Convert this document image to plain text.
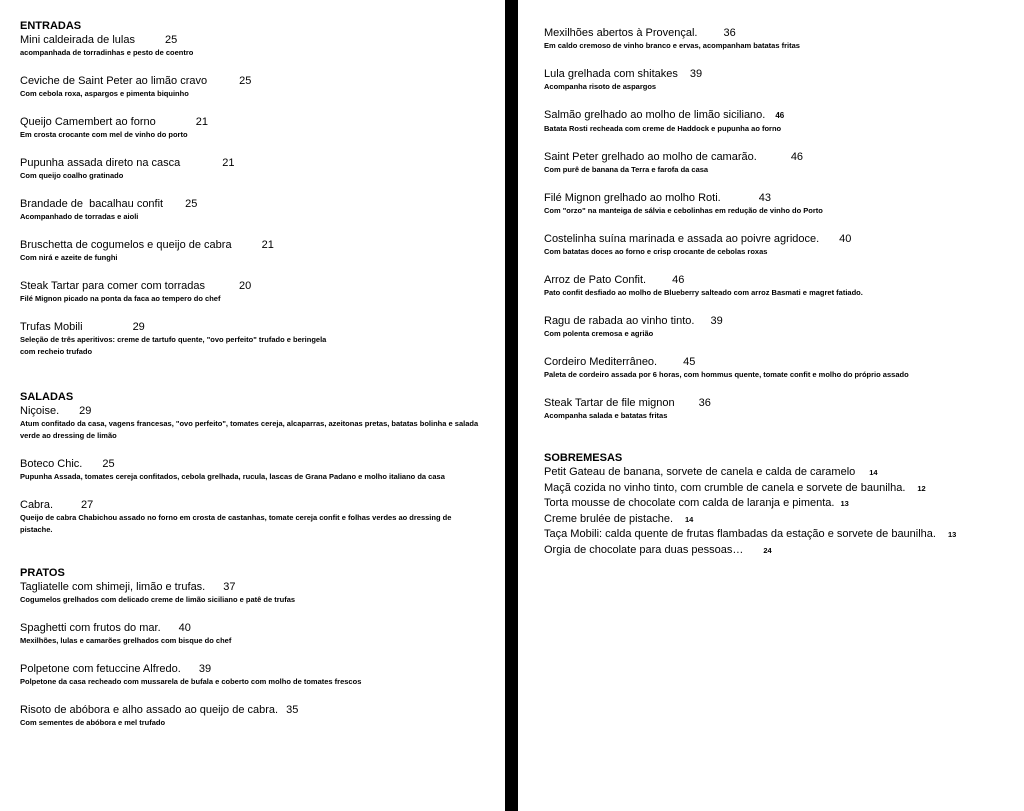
ENTRADAS
Mini caldeirada de lulas	25
acompanhada de torradinhas e pesto de coentro
Ceviche de Saint Peter ao limão cravo	25
Com cebola roxa, aspargos e pimenta biquinho
Queijo Camembert ao forno	21
Em crosta crocante com mel de vinho do porto
Pupunha assada direto na casca	21
Com queijo coalho gratinado
Brandade de  bacalhau confit 25
Acompanhado de torradas e aioli
Bruschetta de cogumelos e queijo de cabra	21
Com nirá e azeite de funghi
Steak Tartar para comer com torradas	20
Filé Mignon picado na ponta da faca ao tempero do chef
Trufas Mobili	29
Seleção de três aperitivos: creme de tartufo quente, "ovo perfeito" trufado e beringela com recheio trufado
SALADAS
Niçoise. 29
Atum confitado da casa, vagens francesas, "ovo perfeito", tomates cereja, alcaparras, azeitonas pretas, batatas bolinha e salada verde ao dressing de limão
Boteco Chic. 25
Pupunha Assada, tomates cereja confitados, cebola grelhada, rucula, lascas de Grana Padano e molho italiano da casa
Cabra.	27
Queijo de cabra Chabichou assado no forno em crosta de castanhas, tomate cereja confit e folhas verdes ao dressing de pistache.
PRATOS
Tagliatelle com shimeji, limão e trufas. 37
Cogumelos grelhados com delicado creme de limão siciliano e patê de trufas
Spaghetti com frutos do mar. 40
Mexilhões, lulas e camarões grelhados com bisque do chef
Polpetone com fetuccine Alfredo. 39
Polpetone da casa recheado com mussarela de bufala e coberto com molho de tomates frescos
Risoto de abóbora e alho assado ao queijo de cabra. 35
Com sementes de abóbora e mel trufado
Mexilhões abertos à Provençal. 36
Em caldo cremoso de vinho branco e ervas, acompanham batatas fritas
Lula grelhada com shitakes 39
Acompanha risoto de aspargos
Salmão grelhado ao molho de limão siciliano. 46
Batata Rosti recheada com creme de Haddock e pupunha ao forno
Saint Peter grelhado ao molho de camarão.	46
Com purê de banana da Terra e farofa da casa
Filé Mignon grelhado ao molho Roti.	43
Com "orzo" na manteiga de sálvia e cebolinhas em redução de vinho do Porto
Costelinha suína marinada e assada ao poivre agridoce. 40
Com batatas doces ao forno e crisp crocante de cebolas roxas
Arroz de Pato Confit. 46
Pato confit desfiado ao molho de Blueberry salteado com arroz Basmati e magret fatiado.
Ragu de rabada ao vinho tinto. 39
Com polenta cremosa e agrião
Cordeiro Mediterrâneo. 45
Paleta de cordeiro assada por 6 horas, com hommus quente, tomate confit e molho do próprio assado
Steak Tartar de file mignon 36
Acompanha salada e batatas fritas
SOBREMESAS
Petit Gateau de banana, sorvete de canela e calda de caramelo 14
Maçã cozida no vinho tinto, com crumble de canela e sorvete de baunilha. 12
Torta mousse de chocolate com calda de laranja e pimenta. 13
Creme brulée de pistache. 14
Taça Mobili: calda quente de frutas flambadas da estação e sorvete de baunilha. 13
Orgia de chocolate para duas pessoas…	24
